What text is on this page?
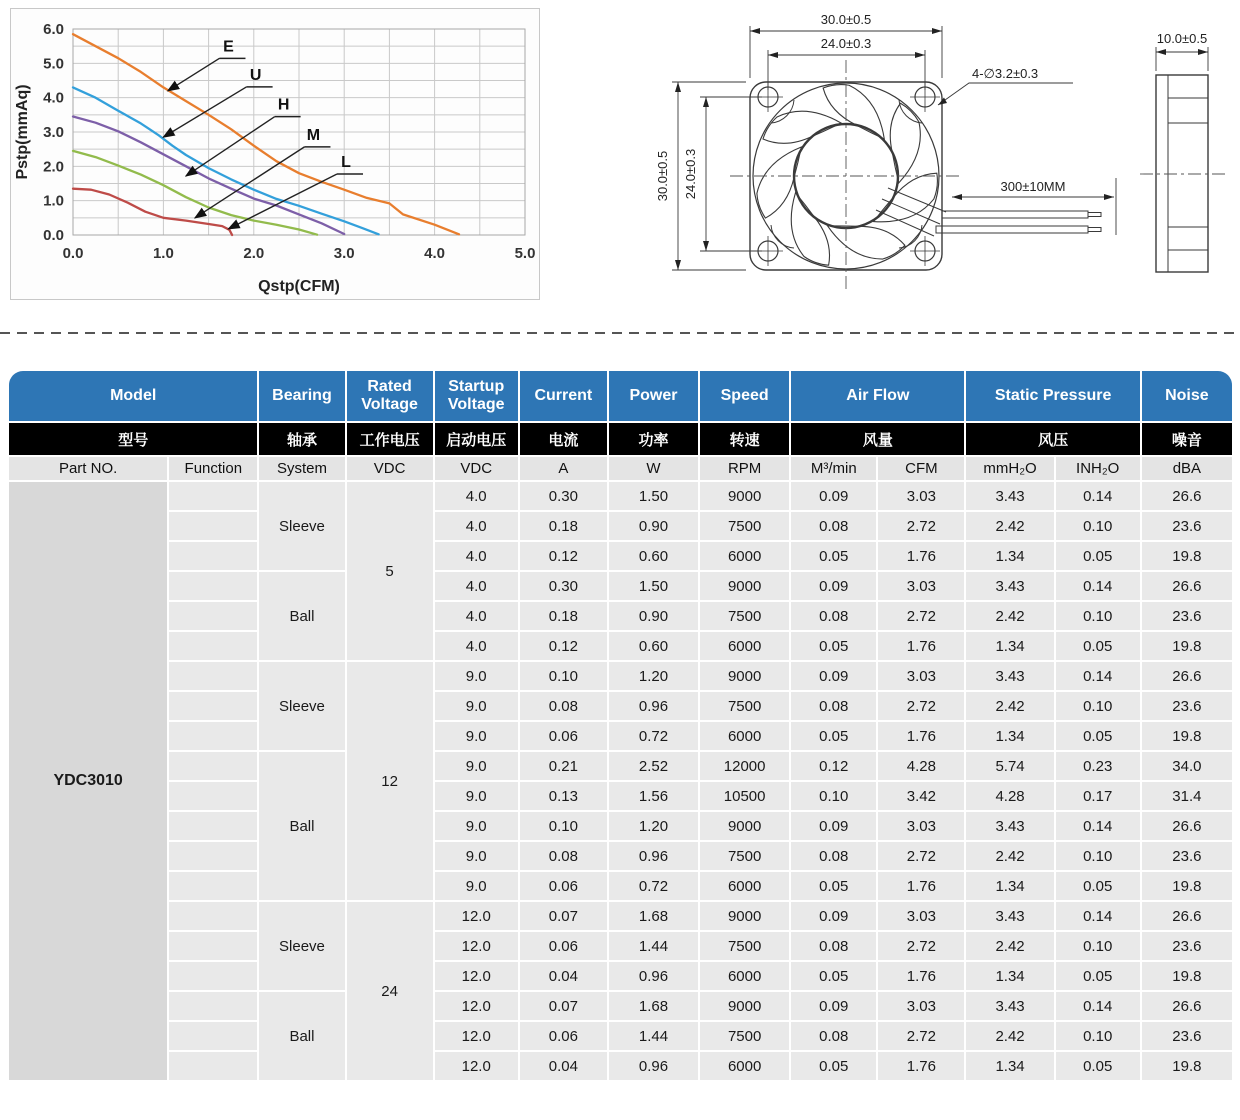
0.0	1.0	2.0	3.0	4.0	5.0
0.0
1.0
2.0
3.0
4.0
5.0
6.0
Qstp(CFM)
Pstp(mmAq)
E
U
H
M
L
30.0±0.5
24.0±0.3
30.0±0.5 24.0±0.3
4-∅3.2±0.3
300±10MM
10.0±0.5
Model		Bearing	Rated Voltage	Startup Voltage	Current	Power	Speed	Air Flow		Static Pressure		Noise
型号		轴承	工作电压	启动电压	电流	功率	转速	风量		风压		噪音
Part NO.	Function	System	VDC	VDC	A	W	RPM	M³/min	CFM	mmH₂O	INH₂O	dBA
YDC3010		Sleeve	5	4.0	0.30	1.50	9000	0.09	3.03	3.43	0.14	26.6
				4.0	0.18	0.90	7500	0.08	2.72	2.42	0.10	23.6
				4.0	0.12	0.60	6000	0.05	1.76	1.34	0.05	19.8
		Ball		4.0	0.30	1.50	9000	0.09	3.03	3.43	0.14	26.6
				4.0	0.18	0.90	7500	0.08	2.72	2.42	0.10	23.6
				4.0	0.12	0.60	6000	0.05	1.76	1.34	0.05	19.8
		Sleeve	12	9.0	0.10	1.20	9000	0.09	3.03	3.43	0.14	26.6
				9.0	0.08	0.96	7500	0.08	2.72	2.42	0.10	23.6
				9.0	0.06	0.72	6000	0.05	1.76	1.34	0.05	19.8
		Ball		9.0	0.21	2.52	12000	0.12	4.28	5.74	0.23	34.0
				9.0	0.13	1.56	10500	0.10	3.42	4.28	0.17	31.4
				9.0	0.10	1.20	9000	0.09	3.03	3.43	0.14	26.6
				9.0	0.08	0.96	7500	0.08	2.72	2.42	0.10	23.6
				9.0	0.06	0.72	6000	0.05	1.76	1.34	0.05	19.8
		Sleeve	24	12.0	0.07	1.68	9000	0.09	3.03	3.43	0.14	26.6
				12.0	0.06	1.44	7500	0.08	2.72	2.42	0.10	23.6
				12.0	0.04	0.96	6000	0.05	1.76	1.34	0.05	19.8
		Ball		12.0	0.07	1.68	9000	0.09	3.03	3.43	0.14	26.6
				12.0	0.06	1.44	7500	0.08	2.72	2.42	0.10	23.6
				12.0	0.04	0.96	6000	0.05	1.76	1.34	0.05	19.8
